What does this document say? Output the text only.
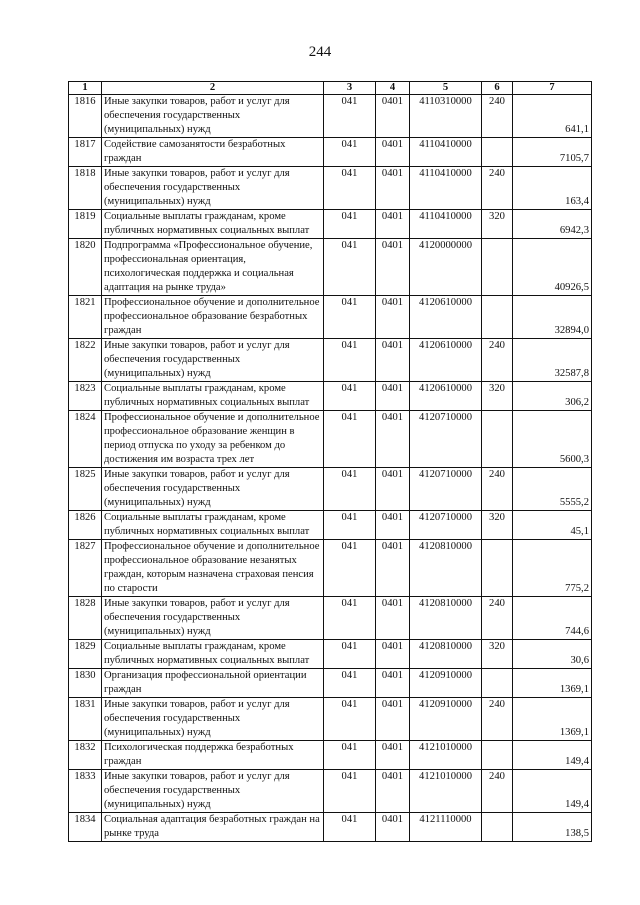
244
1	2	3	4	5	6	7
1816	Иные закупки товаров, работ и услуг для обеспечения государственных (муниципальных) нужд	041	0401	4110310000	240	641,1
1817	Содействие самозанятости безработных граждан	041	0401	4110410000		7105,7
1818	Иные закупки товаров, работ и услуг для обеспечения государственных (муниципальных) нужд	041	0401	4110410000	240	163,4
1819	Социальные выплаты гражданам, кроме публичных нормативных социальных выплат	041	0401	4110410000	320	6942,3
1820	Подпрограмма «Профессиональное обучение, профессиональная ориентация, психологическая поддержка и социальная адаптация на рынке труда»	041	0401	4120000000		40926,5
1821	Профессиональное обучение и дополнительное профессиональное образование безработных граждан	041	0401	4120610000		32894,0
1822	Иные закупки товаров, работ и услуг для обеспечения государственных (муниципальных) нужд	041	0401	4120610000	240	32587,8
1823	Социальные выплаты гражданам, кроме публичных нормативных социальных выплат	041	0401	4120610000	320	306,2
1824	Профессиональное обучение и дополнительное профессиональное образование женщин в период отпуска по уходу за ребенком до достижения им возраста трех лет	041	0401	4120710000		5600,3
1825	Иные закупки товаров, работ и услуг для обеспечения государственных (муниципальных) нужд	041	0401	4120710000	240	5555,2
1826	Социальные выплаты гражданам, кроме публичных нормативных социальных выплат	041	0401	4120710000	320	45,1
1827	Профессиональное обучение и дополнительное профессиональное образование незанятых граждан, которым назначена страховая пенсия по старости	041	0401	4120810000		775,2
1828	Иные закупки товаров, работ и услуг для обеспечения государственных (муниципальных) нужд	041	0401	4120810000	240	744,6
1829	Социальные выплаты гражданам, кроме публичных нормативных социальных выплат	041	0401	4120810000	320	30,6
1830	Организация профессиональной ориентации граждан	041	0401	4120910000		1369,1
1831	Иные закупки товаров, работ и услуг для обеспечения государственных (муниципальных) нужд	041	0401	4120910000	240	1369,1
1832	Психологическая поддержка безработных граждан	041	0401	4121010000		149,4
1833	Иные закупки товаров, работ и услуг для обеспечения государственных (муниципальных) нужд	041	0401	4121010000	240	149,4
1834	Социальная адаптация безработных граждан на рынке труда	041	0401	4121110000		138,5
